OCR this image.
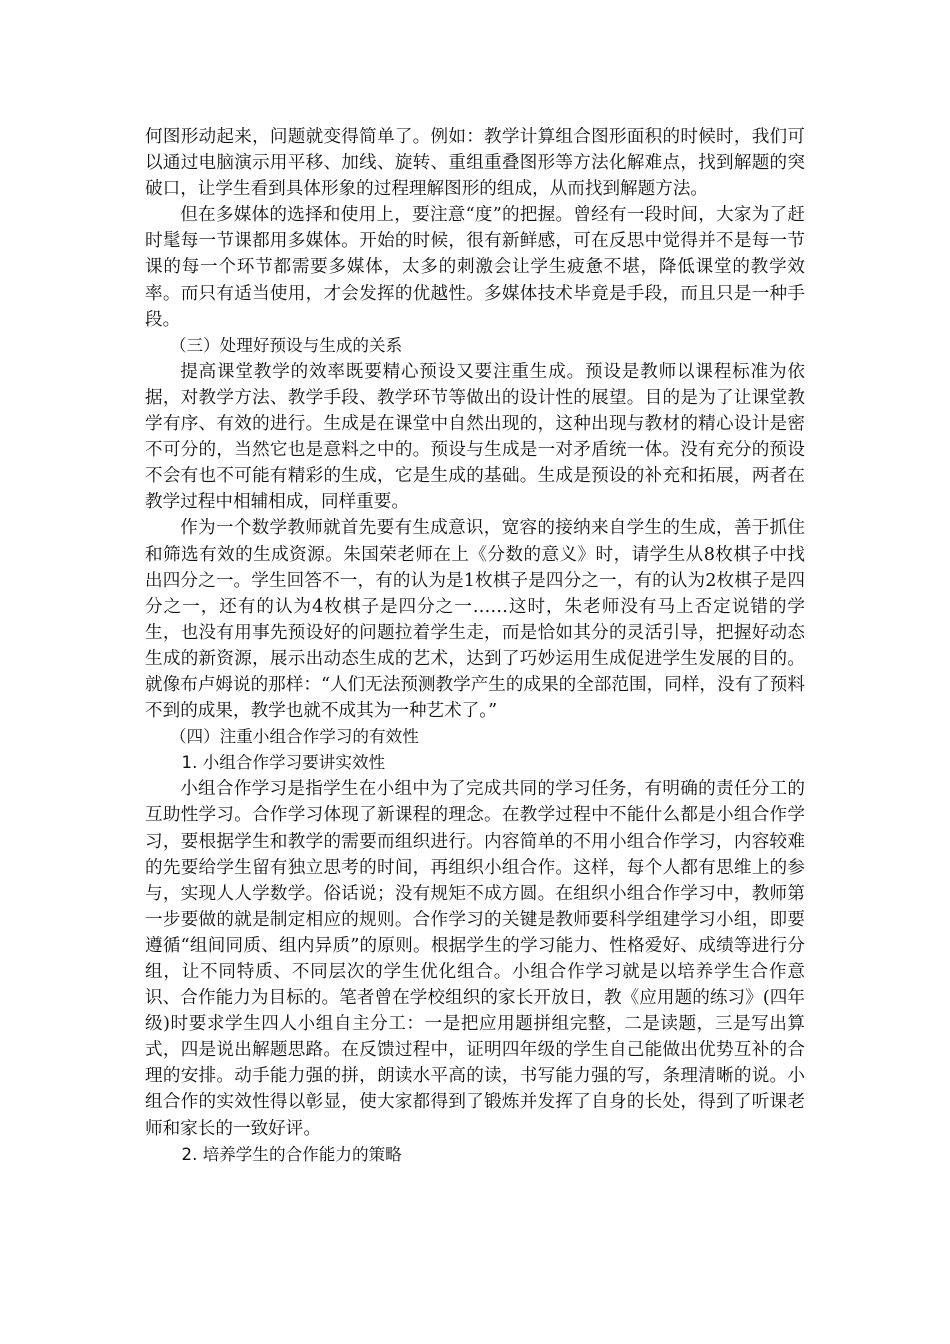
何图形动起来，问题就变得简单了。例如：教学计算组合图形面积的时候时，我们可以通过电脑演示用平移、加线、旋转、重组重叠图形等方法化解难点，找到解题的突破口，让学生看到具体形象的过程理解图形的组成，从而找到解题方法。

但在多媒体的选择和使用上，要注意“度”的把握。曾经有一段时间，大家为了赶时髦每一节课都用多媒体。开始的时候，很有新鲜感，可在反思中觉得并不是每一节课的每一个环节都需要多媒体，太多的刺激会让学生疲惫不堪，降低课堂的教学效率。而只有适当使用，才会发挥的优越性。多媒体技术毕竟是手段，而且只是一种手段。

（三）处理好预设与生成的关系

提高课堂教学的效率既要精心预设又要注重生成。预设是教师以课程标准为依据，对教学方法、教学手段、教学环节等做出的设计性的展望。目的是为了让课堂教学有序、有效的进行。生成是在课堂中自然出现的，这种出现与教材的精心设计是密不可分的，当然它也是意料之中的。预设与生成是一对矛盾统一体。没有充分的预设不会有也不可能有精彩的生成，它是生成的基础。生成是预设的补充和拓展，两者在教学过程中相辅相成，同样重要。

作为一个数学教师就首先要有生成意识，宽容的接纳来自学生的生成，善于抓住和筛选有效的生成资源。朱国荣老师在上《分数的意义》时，请学生从8枚棋子中找出四分之一。学生回答不一，有的认为是1枚棋子是四分之一，有的认为2枚棋子是四分之一，还有的认为4枚棋子是四分之一……这时，朱老师没有马上否定说错的学生，也没有用事先预设好的问题拉着学生走，而是恰如其分的灵活引导，把握好动态生成的新资源，展示出动态生成的艺术，达到了巧妙运用生成促进学生发展的目的。就像布卢姆说的那样：“人们无法预测教学产生的成果的全部范围，同样，没有了预料不到的成果，教学也就不成其为一种艺术了。”

（四）注重小组合作学习的有效性
1. 小组合作学习要讲实效性

小组合作学习是指学生在小组中为了完成共同的学习任务，有明确的责任分工的互助性学习。合作学习体现了新课程的理念。在教学过程中不能什么都是小组合作学习，要根据学生和教学的需要而组织进行。内容简单的不用小组合作学习，内容较难的先要给学生留有独立思考的时间，再组织小组合作。这样，每个人都有思维上的参与，实现人人学数学。俗话说；没有规矩不成方圆。在组织小组合作学习中，教师第一步要做的就是制定相应的规则。合作学习的关键是教师要科学组建学习小组，即要遵循“组间同质、组内异质”的原则。根据学生的学习能力、性格爱好、成绩等进行分组，让不同特质、不同层次的学生优化组合。小组合作学习就是以培养学生合作意识、合作能力为目标的。笔者曾在学校组织的家长开放日，教《应用题的练习》(四年级)时要求学生四人小组自主分工：一是把应用题拼组完整，二是读题，三是写出算式，四是说出解题思路。在反馈过程中，证明四年级的学生自己能做出优势互补的合理的安排。动手能力强的拼，朗读水平高的读，书写能力强的写，条理清晰的说。小组合作的实效性得以彰显，使大家都得到了锻炼并发挥了自身的长处，得到了听课老师和家长的一致好评。

2. 培养学生的合作能力的策略
